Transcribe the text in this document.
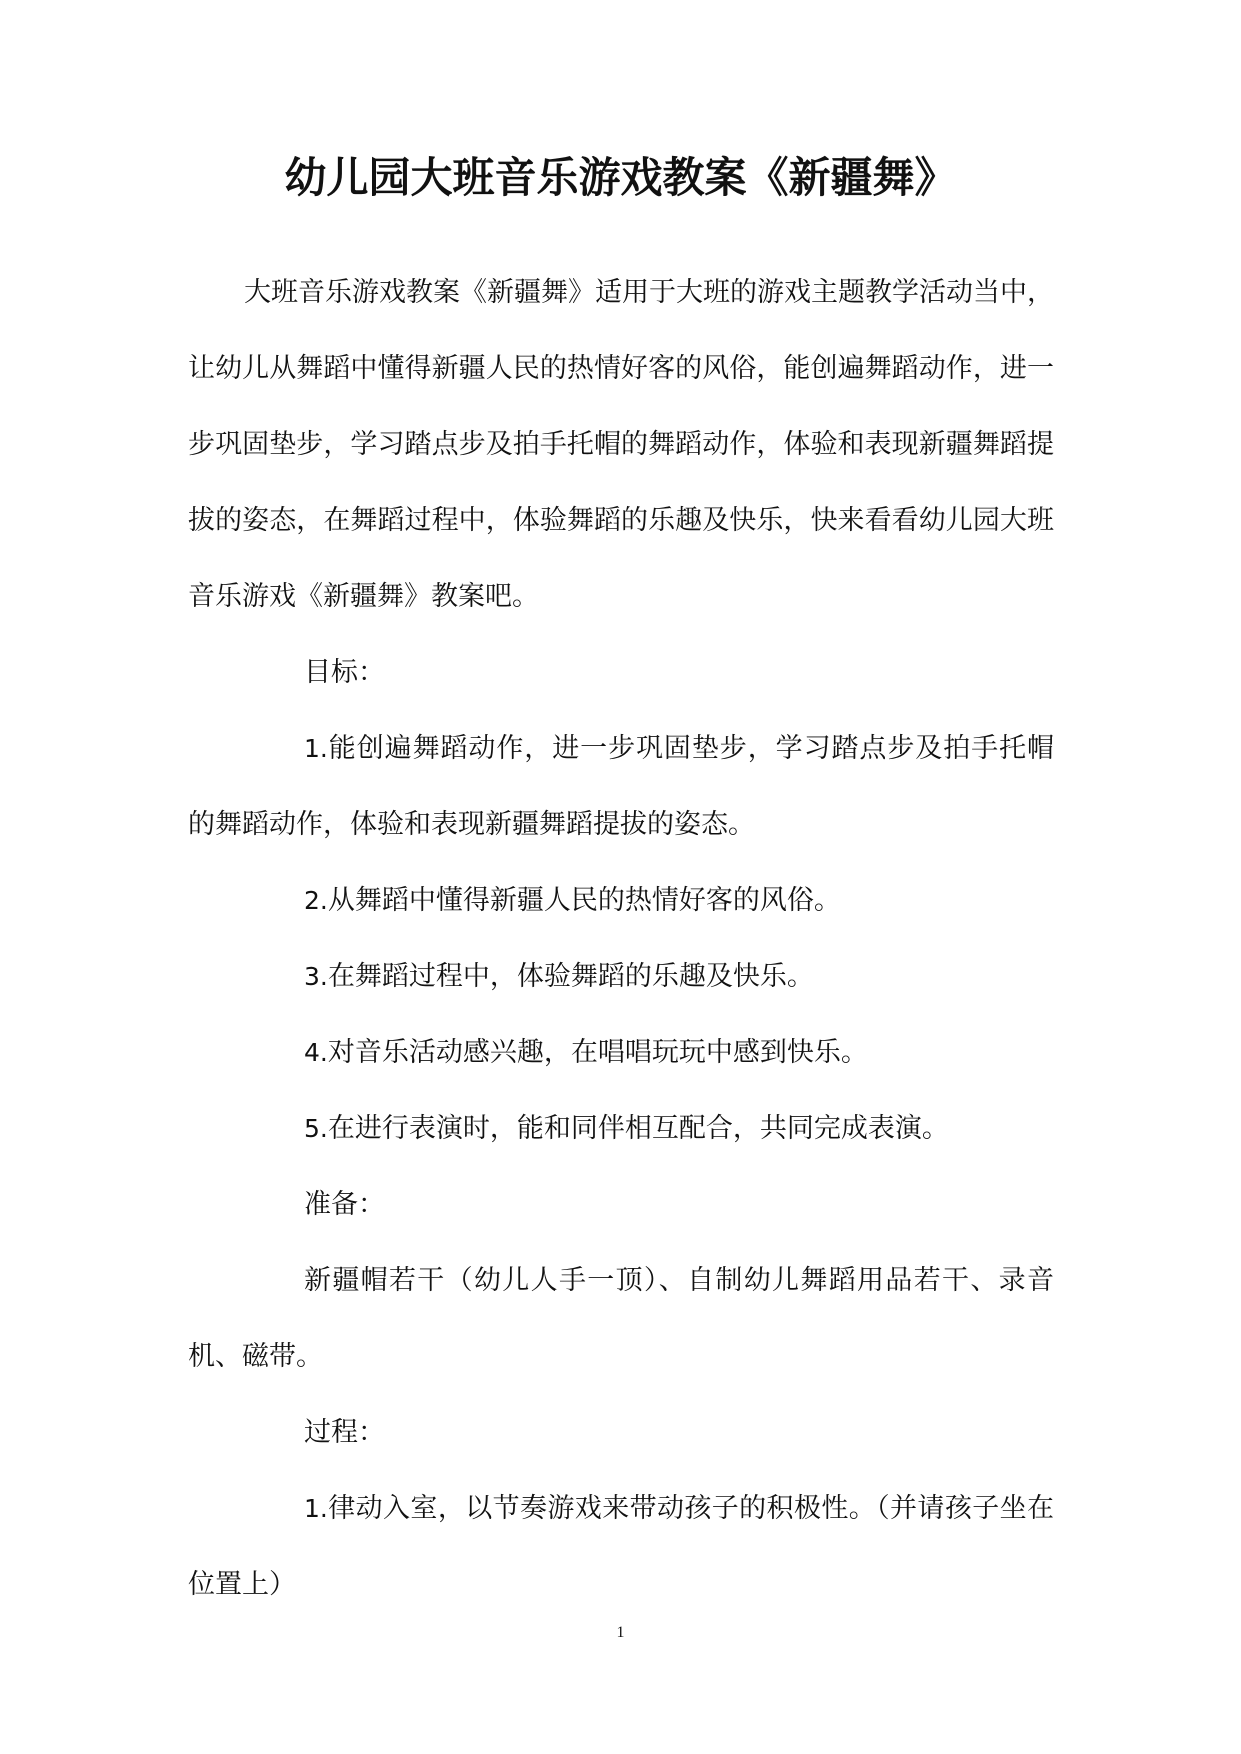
幼儿园大班音乐游戏教案《新疆舞》

大班音乐游戏教案《新疆舞》适用于大班的游戏主题教学活动当中，让幼儿从舞蹈中懂得新疆人民的热情好客的风俗，能创遍舞蹈动作，进一步巩固垫步，学习踏点步及拍手托帽的舞蹈动作，体验和表现新疆舞蹈提拔的姿态，在舞蹈过程中，体验舞蹈的乐趣及快乐，快来看看幼儿园大班音乐游戏《新疆舞》教案吧。

目标：

1.能创遍舞蹈动作，进一步巩固垫步，学习踏点步及拍手托帽的舞蹈动作，体验和表现新疆舞蹈提拔的姿态。

2.从舞蹈中懂得新疆人民的热情好客的风俗。

3.在舞蹈过程中，体验舞蹈的乐趣及快乐。

4.对音乐活动感兴趣，在唱唱玩玩中感到快乐。

5.在进行表演时，能和同伴相互配合，共同完成表演。

准备：

新疆帽若干（幼儿人手一顶）、自制幼儿舞蹈用品若干、录音机、磁带。

过程：

1.律动入室，以节奏游戏来带动孩子的积极性。（并请孩子坐在位置上）

1
